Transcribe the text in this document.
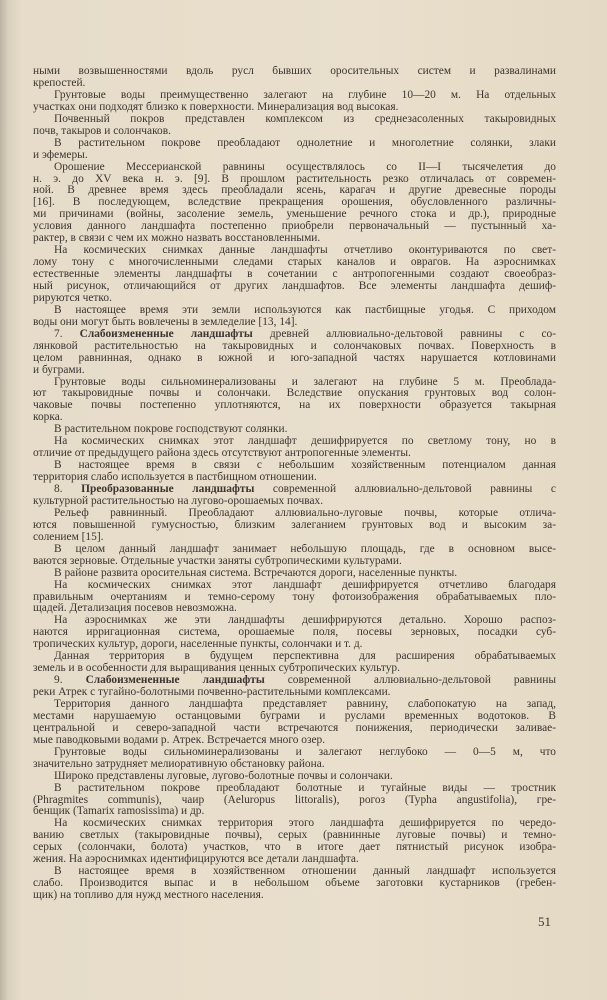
ными возвышенностями вдоль русл бывших оросительных систем и развалинами
крепостей.
Грунтовые воды преимущественно залегают на глубине 10—20 м. На отдельных
участках они подходят близко к поверхности. Минерализация вод высокая.
Почвенный покров представлен комплексом из среднезасоленных такыровидных
почв, такыров и солончаков.
В растительном покрове преобладают однолетние и многолетние солянки, злаки
и эфемеры.
Орошение Мессерианской равнины осуществлялось со II—I тысячелетия до
н. э. до XV века н. э. [9]. В прошлом растительность резко отличалась от современ-
ной. В древнее время здесь преобладали ясень, карагач и другие древесные породы
[16]. В последующем, вследствие прекращения орошения, обусловленного различны-
ми причинами (войны, засоление земель, уменьшение речного стока и др.), природные
условия данного ландшафта постепенно приобрели первоначальный — пустынный ха-
рактер, в связи с чем их можно назвать восстановленными.
На космических снимках данные ландшафты отчетливо оконтуриваются по свет-
лому тону с многочисленными следами старых каналов и оврагов. На аэроснимках
естественные элементы ландшафты в сочетании с антропогенными создают своеобраз-
ный рисунок, отличающийся от других ландшафтов. Все элементы ландшафта дешиф-
рируются четко.
В настоящее время эти земли используются как пастбищные угодья. С приходом
воды они могут быть вовлечены в земледелие [13, 14].
7. Слабоизмененные ландшафты древней аллювиально-дельтовой равнины с со-
лянковой растительностью на такыровидных и солончаковых почвах. Поверхность в
целом равнинная, однако в южной и юго-западной частях нарушается котловинами
и буграми.
Грунтовые воды сильноминерализованы и залегают на глубине 5 м. Преоблада-
ют такыровидные почвы и солончаки. Вследствие опускания грунтовых вод солон-
чаковые почвы постепенно уплотняются, на их поверхности образуется такырная
корка.
В растительном покрове господствуют солянки.
На космических снимках этот ландшафт дешифрируется по светлому тону, но в
отличие от предыдущего района здесь отсутствуют антропогенные элементы.
В настоящее время в связи с небольшим хозяйственным потенциалом данная
территория слабо используется в пастбищном отношении.
8. Преобразованные ландшафты современной аллювиально-дельтовой равнины с
культурной растительностью на лугово-орошаемых почвах.
Рельеф равнинный. Преобладают аллювиально-луговые почвы, которые отлича-
ются повышенной гумусностью, близким залеганием грунтовых вод и высоким за-
солением [15].
В целом данный ландшафт занимает небольшую площадь, где в основном высе-
ваются зерновые. Отдельные участки заняты субтропическими культурами.
В районе развита оросительная система. Встречаются дороги, населенные пункты.
На космических снимках этот ландшафт дешифрируется отчетливо благодаря
правильным очертаниям и темно-серому тону фотоизображения обрабатываемых пло-
щадей. Детализация посевов невозможна.
На аэроснимках же эти ландшафты дешифрируются детально. Хорошо распоз-
наются ирригационная система, орошаемые поля, посевы зерновых, посадки суб-
тропических культур, дороги, населенные пункты, солончаки и т. д.
Данная территория в будущем перспективна для расширения обрабатываемых
земель и в особенности для выращивания ценных субтропических культур.
9. Слабоизмененные ландшафты современной аллювиально-дельтовой равнины
реки Атрек с тугайно-болотными почвенно-растительными комплексами.
Территория данного ландшафта представляет равнину, слабопокатую на запад,
местами нарушаемую останцовыми буграми и руслами временных водотоков. В
центральной и северо-западной части встречаются понижения, периодически заливае-
мые паводковыми водами р. Атрек. Встречается много озер.
Грунтовые воды сильноминерализованы и залегают неглубоко — 0—5 м, что
значительно затрудняет мелиоративную обстановку района.
Широко представлены луговые, лугово-болотные почвы и солончаки.
В растительном покрове преобладают болотные и тугайные виды — тростник
(Phragmites communis), чаир (Aeluropus littoralis), рогоз (Typha angustifolia), гре-
бенщик (Tamarix ramosissima) и др.
На космических снимках территория этого ландшафта дешифрируется по чередо-
ванию светлых (такыровидные почвы), серых (равнинные луговые почвы) и темно-
серых (солончаки, болота) участков, что в итоге дает пятнистый рисунок изобра-
жения. На аэроснимках идентифицируются все детали ландшафта.
В настоящее время в хозяйственном отношении данный ландшафт используется
слабо. Производится выпас и в небольшом объеме заготовки кустарников (гребен-
щик) на топливо для нужд местного населения.
51
